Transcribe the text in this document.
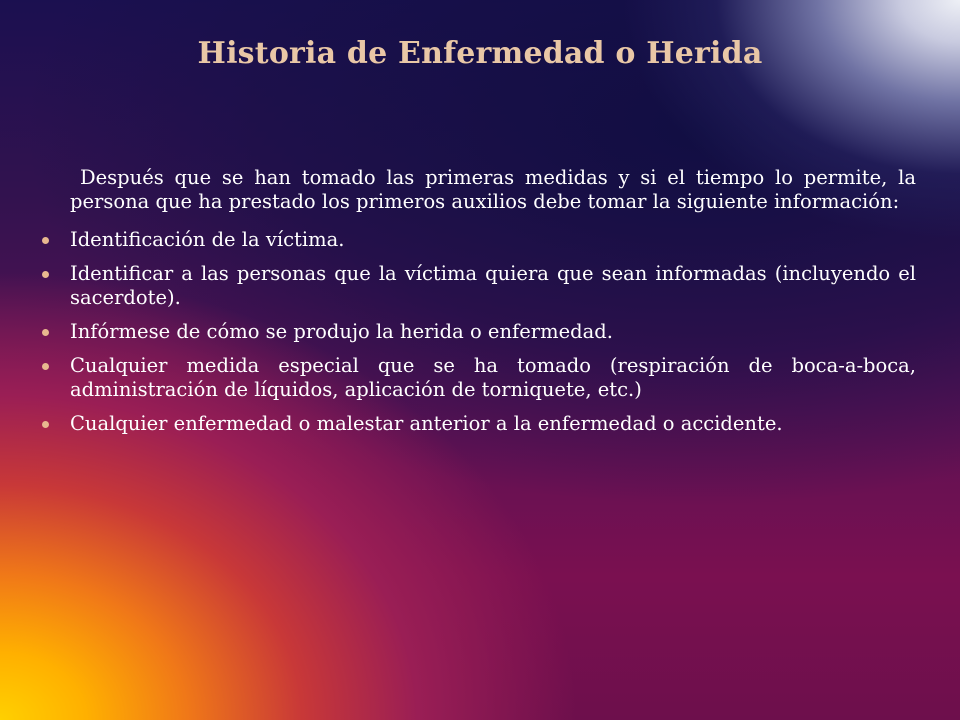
Historia de Enfermedad o Herida

Después que se han tomado las primeras medidas y si el tiempo lo permite, la persona que ha prestado los primeros auxilios debe tomar la siguiente información:

Identificación de la víctima.
Identificar a las personas que la víctima quiera que sean informadas (incluyendo el sacerdote).
Infórmese de cómo se produjo la herida o enfermedad.
Cualquier medida especial que se ha tomado (respiración de boca-a-boca, administración de líquidos, aplicación de torniquete, etc.)
Cualquier enfermedad o malestar anterior a la enfermedad o accidente.
